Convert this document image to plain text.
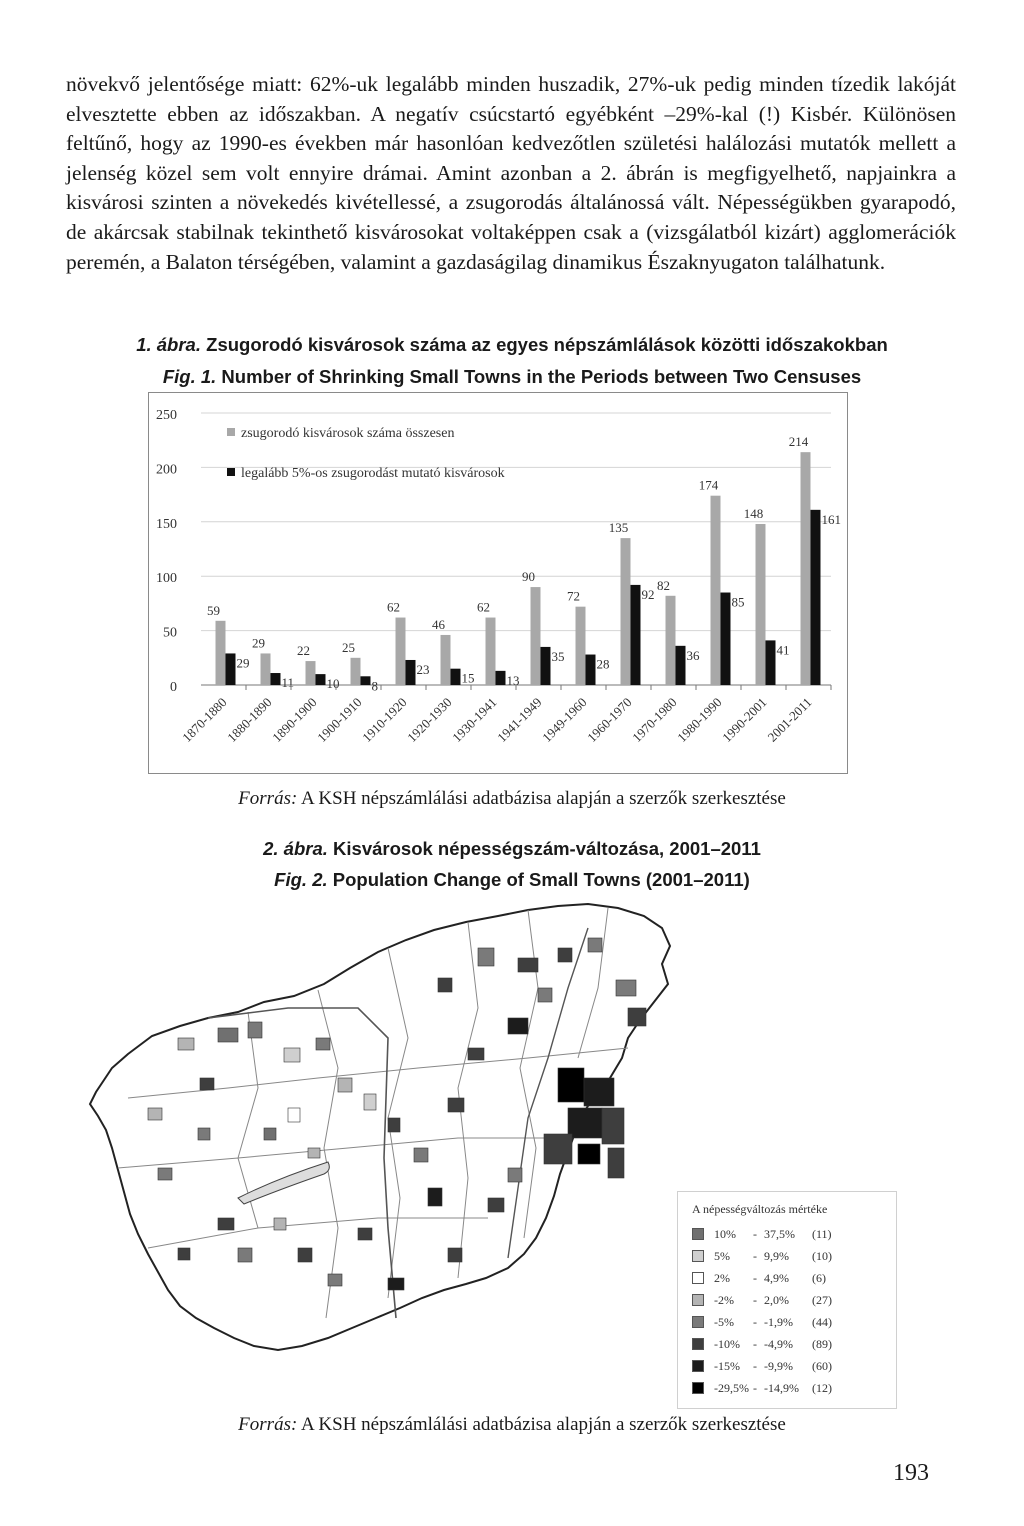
növekvő jelentősége miatt: 62%-uk legalább minden huszadik, 27%-uk pedig minden tízedik lakóját elvesztette ebben az időszakban. A negatív csúcstartó egyébként –29%-kal (!) Kisbér. Különösen feltűnő, hogy az 1990-es években már hasonlóan kedvezőtlen születési halálozási mutatók mellett a jelenség közel sem volt ennyire drámai. Amint azonban a 2. ábrán is megfigyelhető, napjainkra a kisvárosi szinten a növekedés kivétellessé, a zsugorodás általánossá vált. Népességükben gyarapodó, de akárcsak stabilnak tekinthető kisvárosokat voltaképpen csak a (vizsgálatból kizárt) agglomerációk peremén, a Balaton térségében, valamint a gazdaságilag dinamikus Északnyugaton találhatunk.

1. ábra. Zsugorodó kisvárosok száma az egyes népszámlálások közötti időszakokban
Fig. 1. Number of Shrinking Small Towns in the Periods between Two Censuses
0
50
100
150
200
250
59
29
1870-1880
29
11
1880-1890
22
10
1890-1900
25
8
1900-1910
62
23
1910-1920
46
15
1920-1930
62
13
1930-1941
90
35
1941-1949
72
28
1949-1960
135
92
1960-1970
82
36
1970-1980
174
85
1980-1990
148
41
1990-2001
214
161
2001-2011
zsugorodó kisvárosok száma összesen
legalább 5%-os zsugorodást mutató kisvárosok
Forrás: A KSH népszámlálási adatbázisa alapján a szerzők szerkesztése
2. ábra. Kisvárosok népességszám-változása, 2001–2011
Fig. 2. Population Change of Small Towns (2001–2011)
A népességváltozás mértéke
10%	- 37,5%	(11)
5%	- 9,9%	(10)
2%	- 4,9%	(6)
-2%	- 2,0%	(27)
-5%	- -1,9%	(44)
-10%	- -4,9%	(89)
-15%	- -9,9%	(60)
-29,5% - -14,9%	(12)
Forrás: A KSH népszámlálási adatbázisa alapján a szerzők szerkesztése
193
